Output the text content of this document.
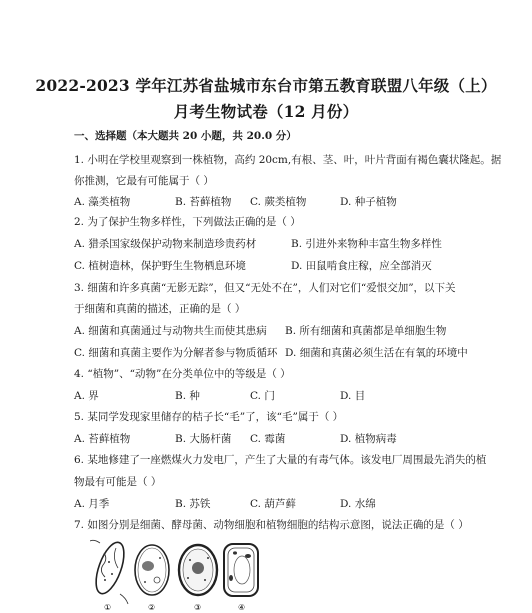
2022-2023 学年江苏省盐城市东台市第五教育联盟八年级（上）
月考生物试卷（12 月份）
一、选择题（本大题共 20 小题，共 20.0 分）
1. 小明在学校里观察到一株植物，高约 20cm,有根、茎、叶，叶片背面有褐色囊状隆起。据
你推测，它最有可能属于（ ）
A. 藻类植物	B. 苔藓植物 C. 蕨类植物	D. 种子植物
2. 为了保护生物多样性，下列做法正确的是（ ）
A. 猎杀国家级保护动物来制造珍贵药材	B. 引进外来物种丰富生物多样性
C. 植树造林，保护野生生物栖息环境	D. 田鼠啃食庄稼，应全部消灭
3. 细菌和许多真菌“无影无踪”，但又“无处不在”，人们对它们“爱恨交加”，以下关
于细菌和真菌的描述，正确的是（ ）
A. 细菌和真菌通过与动物共生而使其患病 B. 所有细菌和真菌都是单细胞生物
C. 细菌和真菌主要作为分解者参与物质循环 D. 细菌和真菌必须生活在有氧的环境中
4. “植物”、“动物”在分类单位中的等级是（ ）
A. 界	B. 种	C. 门	D. 目
5. 某同学发现家里储存的桔子长“毛”了，该“毛”属于（ ）
A. 苔藓植物	B. 大肠杆菌 C. 霉菌	D. 植物病毒
6. 某地修建了一座燃煤火力发电厂，产生了大量的有毒气体。该发电厂周围最先消失的植
物最有可能是（ ）
A. 月季	B. 苏铁	C. 葫芦藓	D. 水绵
7. 如图分别是细菌、酵母菌、动物细胞和植物细胞的结构示意图，说法正确的是（ ）
①	②	③	④
